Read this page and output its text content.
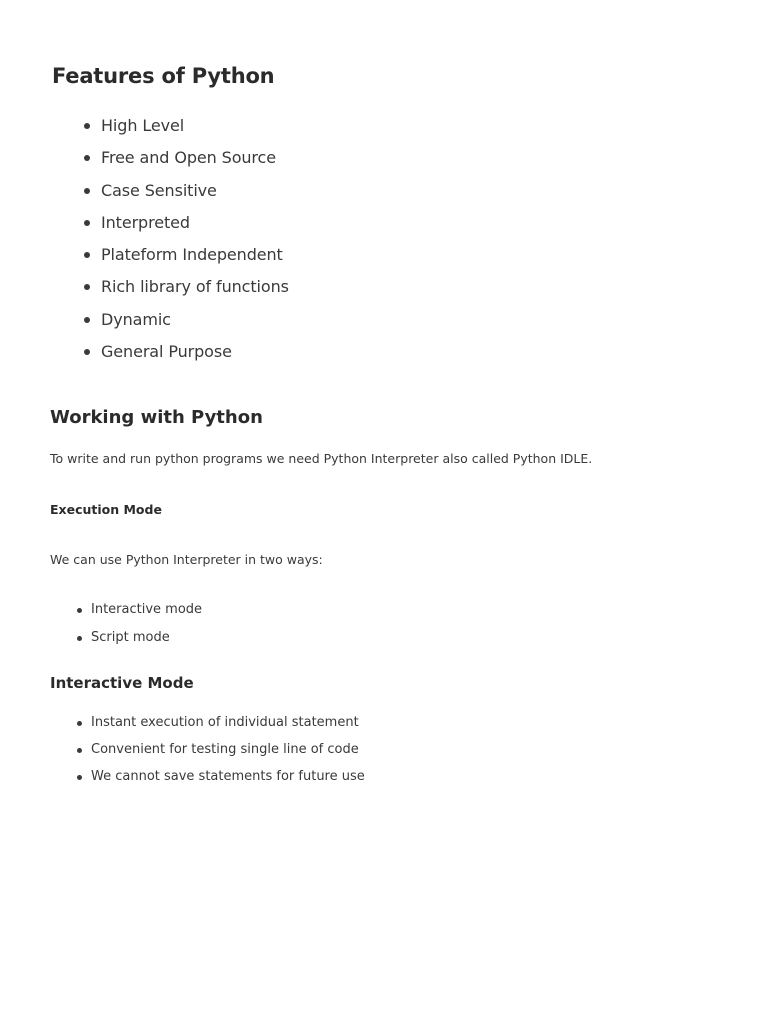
Features of Python
High Level
Free and Open Source
Case Sensitive
Interpreted
Plateform Independent
Rich library of functions
Dynamic
General Purpose
Working with Python

To write and run python programs we need Python Interpreter also called Python IDLE.

Execution Mode

We can use Python Interpreter in two ways:

Interactive mode
Script mode
Interactive Mode
Instant execution of individual statement
Convenient for testing single line of code
We cannot save statements for future use
